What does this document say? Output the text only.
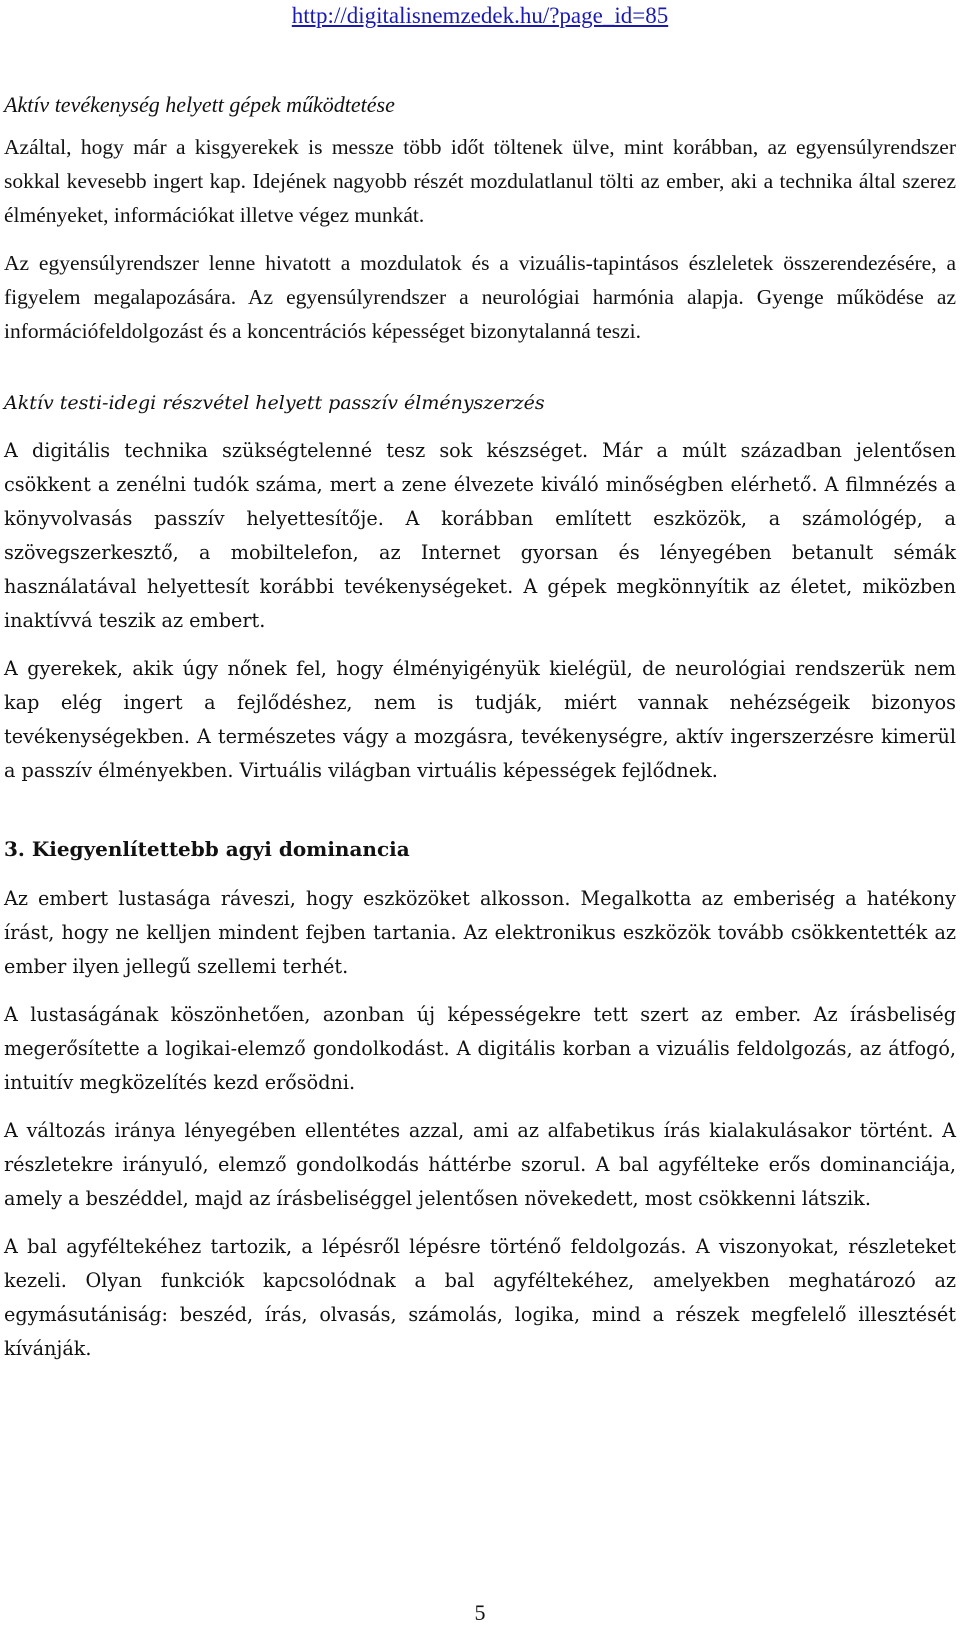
http://digitalisnemzedek.hu/?page_id=85
Aktív tevékenység helyett gépek működtetése

Azáltal, hogy már a kisgyerekek is messze több időt töltenek ülve, mint korábban, az egyensúlyrendszer sokkal kevesebb ingert kap. Idejének nagyobb részét mozdulatlanul tölti az ember, aki a technika által szerez élményeket, információkat illetve végez munkát.

Az egyensúlyrendszer lenne hivatott a mozdulatok és a vizuális-tapintásos észleletek összerendezésére, a figyelem megalapozására. Az egyensúlyrendszer a neurológiai harmónia alapja. Gyenge működése az információfeldolgozást és a koncentrációs képességet bizonytalanná teszi.

Aktív testi-idegi részvétel helyett passzív élményszerzés

A digitális technika szükségtelenné tesz sok készséget. Már a múlt században jelentősen csökkent a zenélni tudók száma, mert a zene élvezete kiváló minőségben elérhető. A filmnézés a könyvolvasás passzív helyettesítője. A korábban említett eszközök, a számológép, a szövegszerkesztő, a mobiltelefon, az Internet gyorsan és lényegében betanult sémák használatával helyettesít korábbi tevékenységeket. A gépek megkönnyítik az életet, miközben inaktívvá teszik az embert.

A gyerekek, akik úgy nőnek fel, hogy élményigényük kielégül, de neurológiai rendszerük nem kap elég ingert a fejlődéshez, nem is tudják, miért vannak nehézségeik bizonyos tevékenységekben. A természetes vágy a mozgásra, tevékenységre, aktív ingerszerzésre kimerül a passzív élményekben. Virtuális világban virtuális képességek fejlődnek.

3. Kiegyenlítettebb agyi dominancia

Az embert lustasága ráveszi, hogy eszközöket alkosson. Megalkotta az emberiség a hatékony írást, hogy ne kelljen mindent fejben tartania. Az elektronikus eszközök tovább csökkentették az ember ilyen jellegű szellemi terhét.

A lustaságának köszönhetően, azonban új képességekre tett szert az ember. Az írásbeliség megerősítette a logikai-elemző gondolkodást. A digitális korban a vizuális feldolgozás, az átfogó, intuitív megközelítés kezd erősödni.

A változás iránya lényegében ellentétes azzal, ami az alfabetikus írás kialakulásakor történt. A részletekre irányuló, elemző gondolkodás háttérbe szorul. A bal agyfélteke erős dominanciája, amely a beszéddel, majd az írásbeliséggel jelentősen növekedett, most csökkenni látszik.

A bal agyféltekéhez tartozik, a lépésről lépésre történő feldolgozás. A viszonyokat, részleteket kezeli. Olyan funkciók kapcsolódnak a bal agyféltekéhez, amelyekben meghatározó az egymásutániság: beszéd, írás, olvasás, számolás, logika, mind a részek megfelelő illesztését kívánják.

5
